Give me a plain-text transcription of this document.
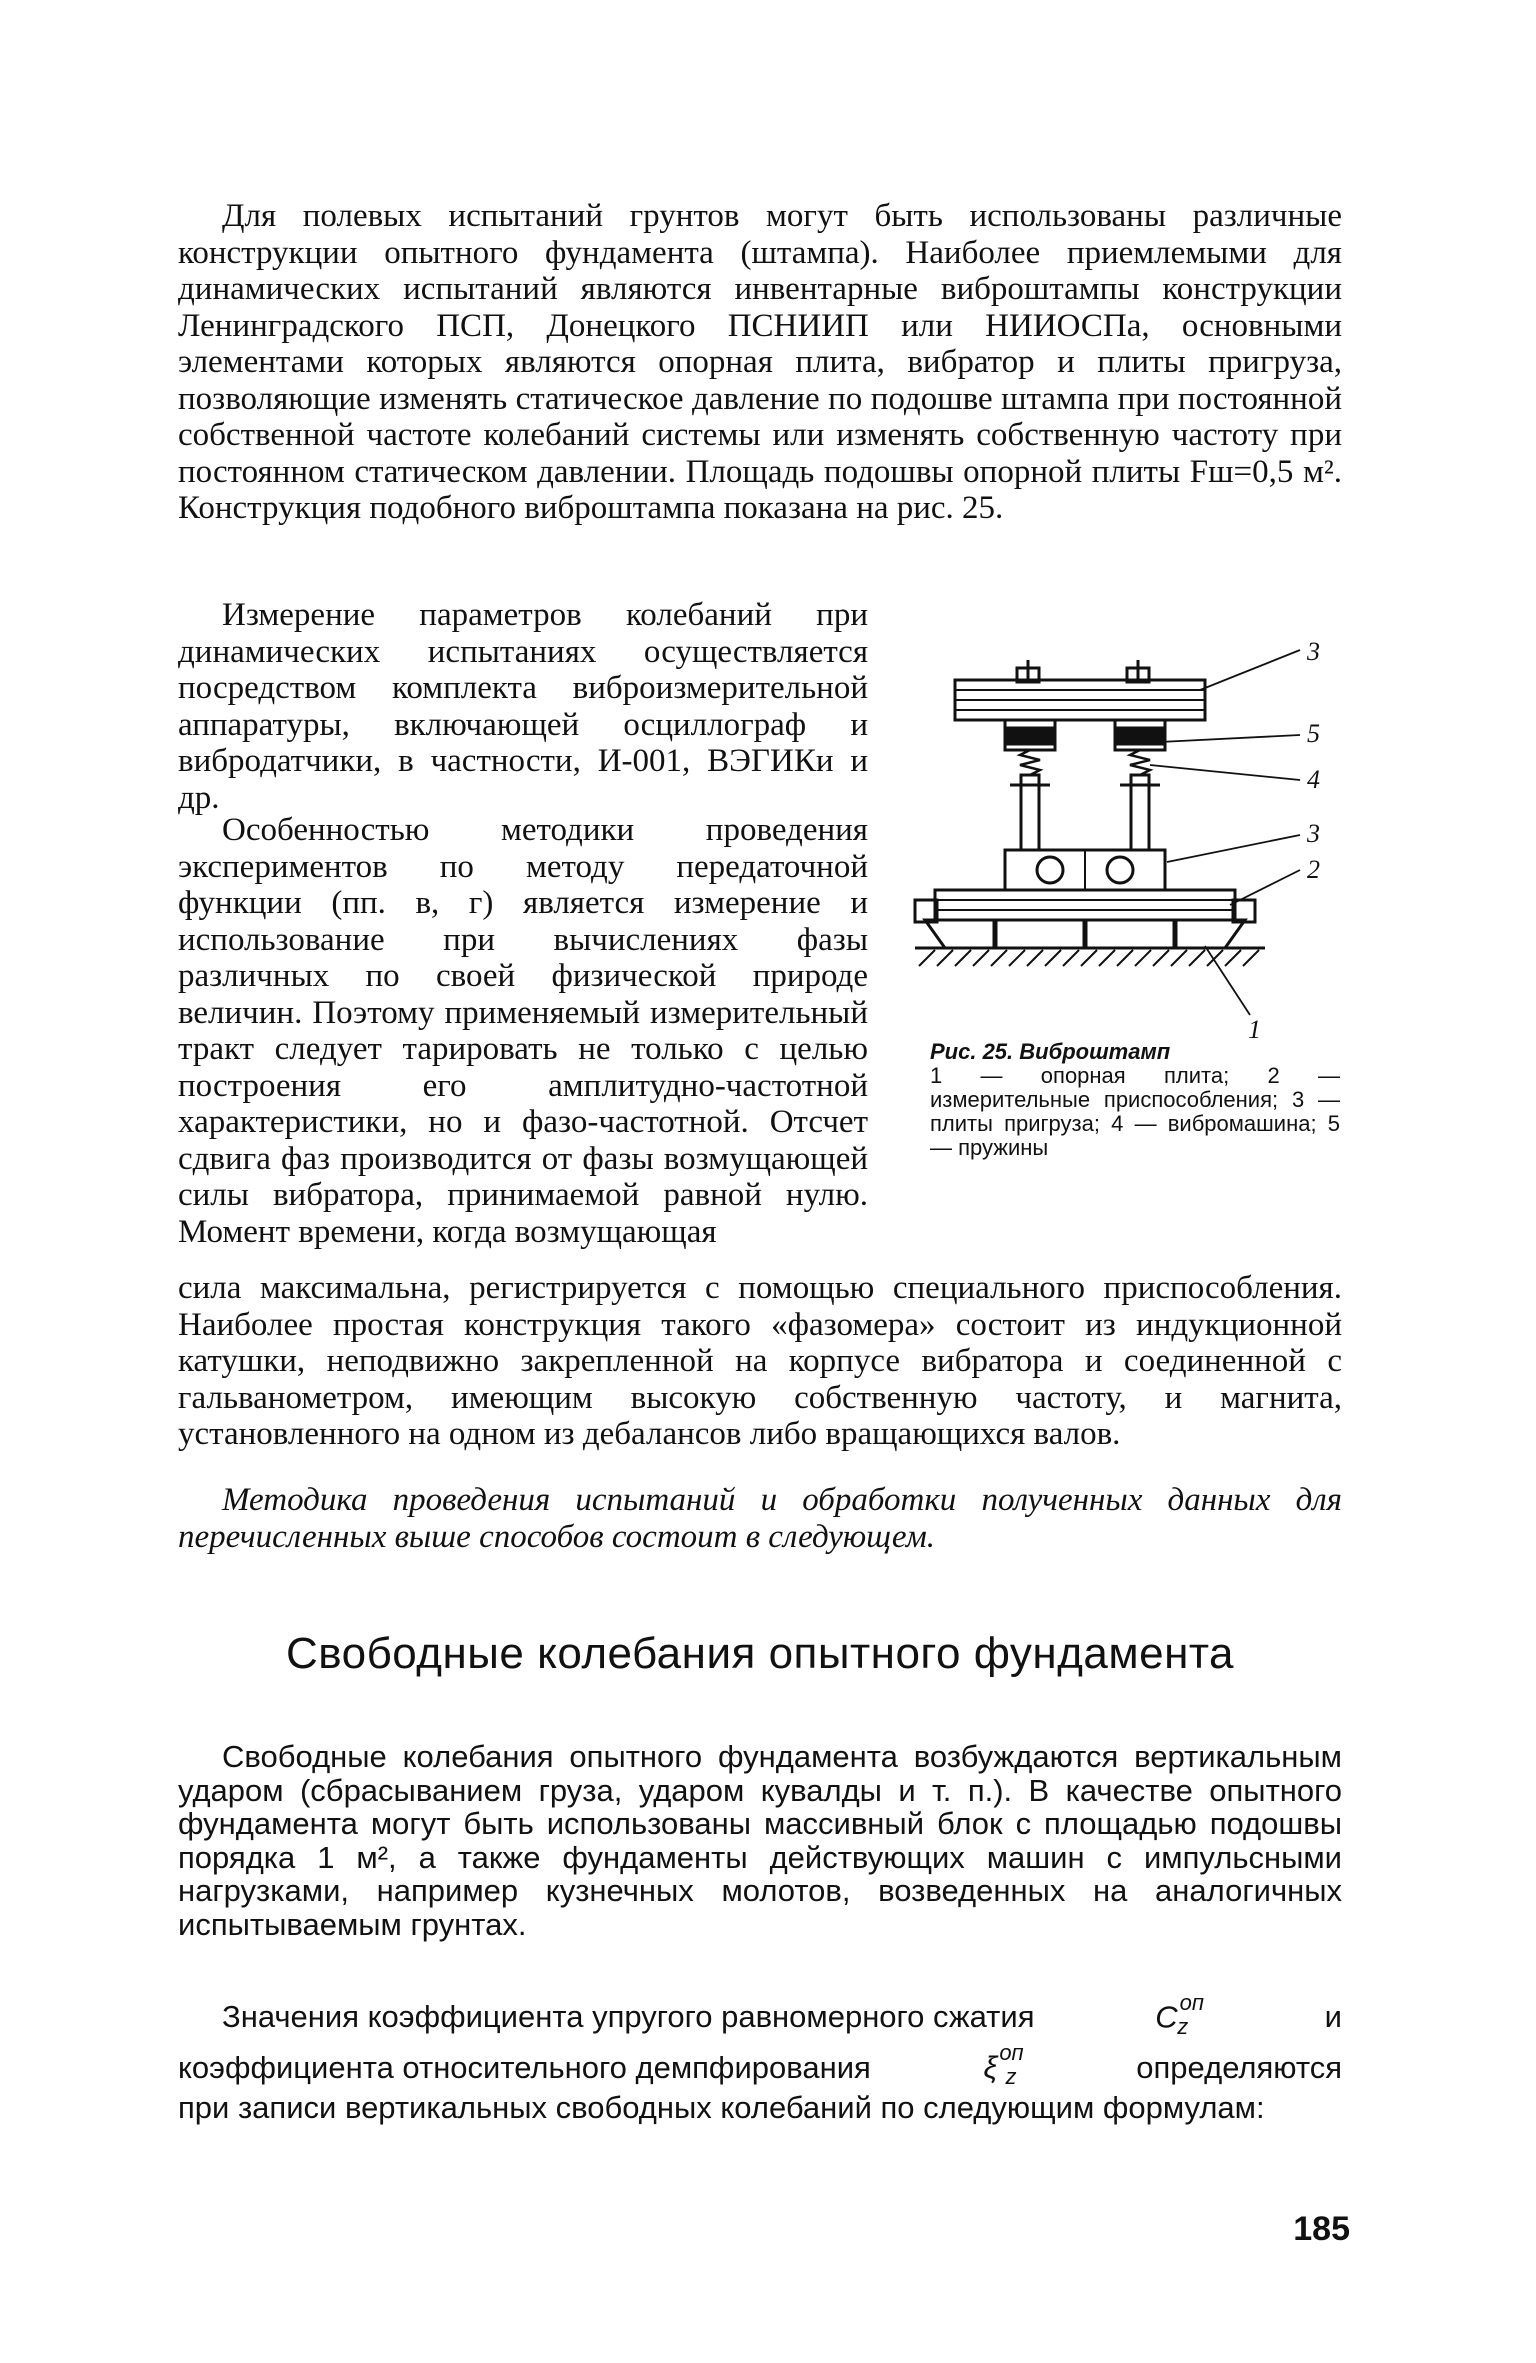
Для полевых испытаний грунтов могут быть использованы различные конструкции опытного фундамента (штампа). Наиболее приемлемыми для динамических испытаний являются инвентарные виброштампы конструкции Ленинградского ПСП, Донецкого ПСНИИП или НИИОСПа, основными элементами которых являются опорная плита, вибратор и плиты пригруза, позволяющие изменять статическое давление по подошве штампа при постоянной собственной частоте колебаний системы или изменять собственную частоту при постоянном статическом давлении. Площадь подошвы опорной плиты Fш=0,5 м². Конструкция подобного виброштампа показана на рис. 25.

Измерение параметров колебаний при динамических испытаниях осуществляется посредством комплекта виброизмерительной аппаратуры, включающей осциллограф и вибродатчики, в частности, И-001, ВЭГИКи и др.

Особенностью методики проведения экспериментов по методу передаточной функции (пп. в, г) является измерение и использование при вычислениях фазы различных по своей физической природе величин. Поэтому применяемый измерительный тракт следует тарировать не только с целью построения его амплитудно-частотной характеристики, но и фазо-частотной. Отсчет сдвига фаз производится от фазы возмущающей силы вибратора, принимаемой равной нулю. Момент времени, когда возмущающая

сила максимальна, регистрируется с помощью специального приспособления. Наиболее простая конструкция такого «фазомера» состоит из индукционной катушки, неподвижно закрепленной на корпусе вибратора и соединенной с гальванометром, имеющим высокую собственную частоту, и магнита, установленного на одном из дебалансов либо вращающихся валов.

Методика проведения испытаний и обработки полученных данных для перечисленных выше способов состоит в следующем.

Свободные колебания опытного фундамента

Свободные колебания опытного фундамента возбуждаются вертикальным ударом (сбрасыванием груза, ударом кувалды и т. п.). В качестве опытного фундамента могут быть использованы массивный блок с площадью подошвы порядка 1 м², а также фундаменты действующих машин с импульсными нагрузками, например кузнечных молотов, возведенных на аналогичных испытываемым грунтах.

Значения коэффициента упругого равномерного сжатия	$C^{оп}$
z	и
коэффициента относительного демпфирования	$\xi^{оп}$
z	определяются

при записи вертикальных свободных колебаний по следующим формулам:

3
5
4
3
2
1
Рис. 25. Виброштамп
1 — опорная плита; 2 — измерительные приспособления; 3 — плиты пригруза; 4 — вибромашина; 5 — пружины
185
